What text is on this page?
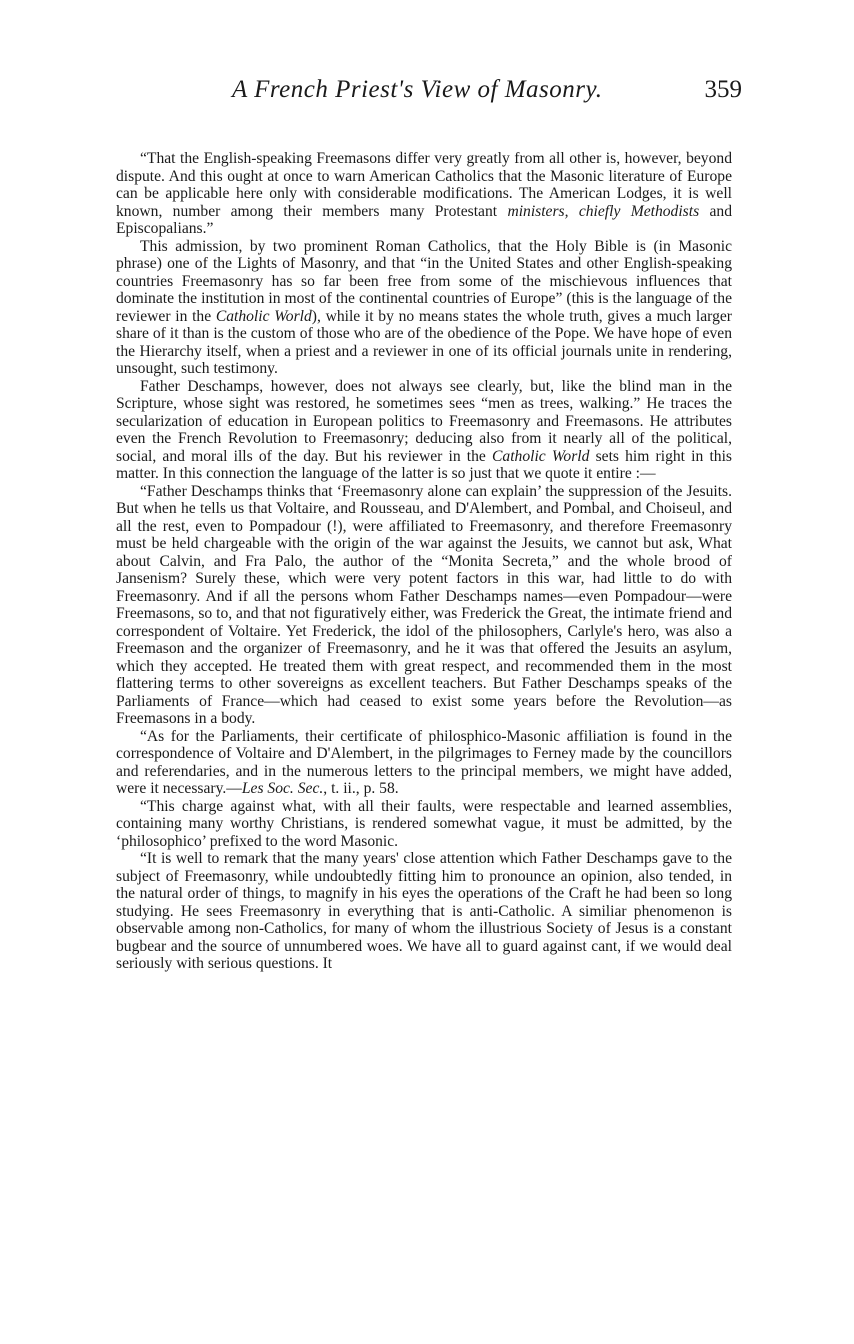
A French Priest's View of Masonry.	359

“That the English-speaking Freemasons differ very greatly from all other is, however, beyond dispute. And this ought at once to warn American Catholics that the Masonic literature of Europe can be applicable here only with considerable modifications. The American Lodges, it is well known, number among their members many Protestant ministers, chiefly Methodists and Episcopalians.”

This admission, by two prominent Roman Catholics, that the Holy Bible is (in Masonic phrase) one of the Lights of Masonry, and that “in the United States and other English-speaking countries Freemasonry has so far been free from some of the mischievous influences that dominate the institution in most of the continental countries of Europe” (this is the language of the reviewer in the Catholic World), while it by no means states the whole truth, gives a much larger share of it than is the custom of those who are of the obedience of the Pope. We have hope of even the Hierarchy itself, when a priest and a reviewer in one of its official journals unite in rendering, unsought, such testimony.

Father Deschamps, however, does not always see clearly, but, like the blind man in the Scripture, whose sight was restored, he sometimes sees “men as trees, walking.” He traces the secularization of education in European politics to Freemasonry and Freemasons. He attributes even the French Revolution to Freemasonry; deducing also from it nearly all of the political, social, and moral ills of the day. But his reviewer in the Catholic World sets him right in this matter. In this connection the language of the latter is so just that we quote it entire :—

“Father Deschamps thinks that ‘Freemasonry alone can explain’ the suppression of the Jesuits. But when he tells us that Voltaire, and Rousseau, and D'Alembert, and Pombal, and Choiseul, and all the rest, even to Pompadour (!), were affiliated to Freemasonry, and therefore Freemasonry must be held chargeable with the origin of the war against the Jesuits, we cannot but ask, What about Calvin, and Fra Palo, the author of the “Monita Secreta,” and the whole brood of Jansenism? Surely these, which were very potent factors in this war, had little to do with Freemasonry. And if all the persons whom Father Deschamps names—even Pompadour—were Freemasons, so to, and that not figuratively either, was Frederick the Great, the intimate friend and correspondent of Voltaire. Yet Frederick, the idol of the philosophers, Carlyle's hero, was also a Freemason and the organizer of Freemasonry, and he it was that offered the Jesuits an asylum, which they accepted. He treated them with great respect, and recommended them in the most flattering terms to other sovereigns as excellent teachers. But Father Deschamps speaks of the Parliaments of France—which had ceased to exist some years before the Revolution—as Freemasons in a body.

“As for the Parliaments, their certificate of philosphico-Masonic affiliation is found in the correspondence of Voltaire and D'Alembert, in the pilgrimages to Ferney made by the councillors and referendaries, and in the numerous letters to the principal members, we might have added, were it necessary.—Les Soc. Sec., t. ii., p. 58.

“This charge against what, with all their faults, were respectable and learned assemblies, containing many worthy Christians, is rendered somewhat vague, it must be admitted, by the ‘philosophico’ prefixed to the word Masonic.

“It is well to remark that the many years' close attention which Father Deschamps gave to the subject of Freemasonry, while undoubtedly fitting him to pronounce an opinion, also tended, in the natural order of things, to magnify in his eyes the operations of the Craft he had been so long studying. He sees Freemasonry in everything that is anti-Catholic. A similiar phenomenon is observable among non-Catholics, for many of whom the illustrious Society of Jesus is a constant bugbear and the source of unnumbered woes. We have all to guard against cant, if we would deal seriously with serious questions. It
